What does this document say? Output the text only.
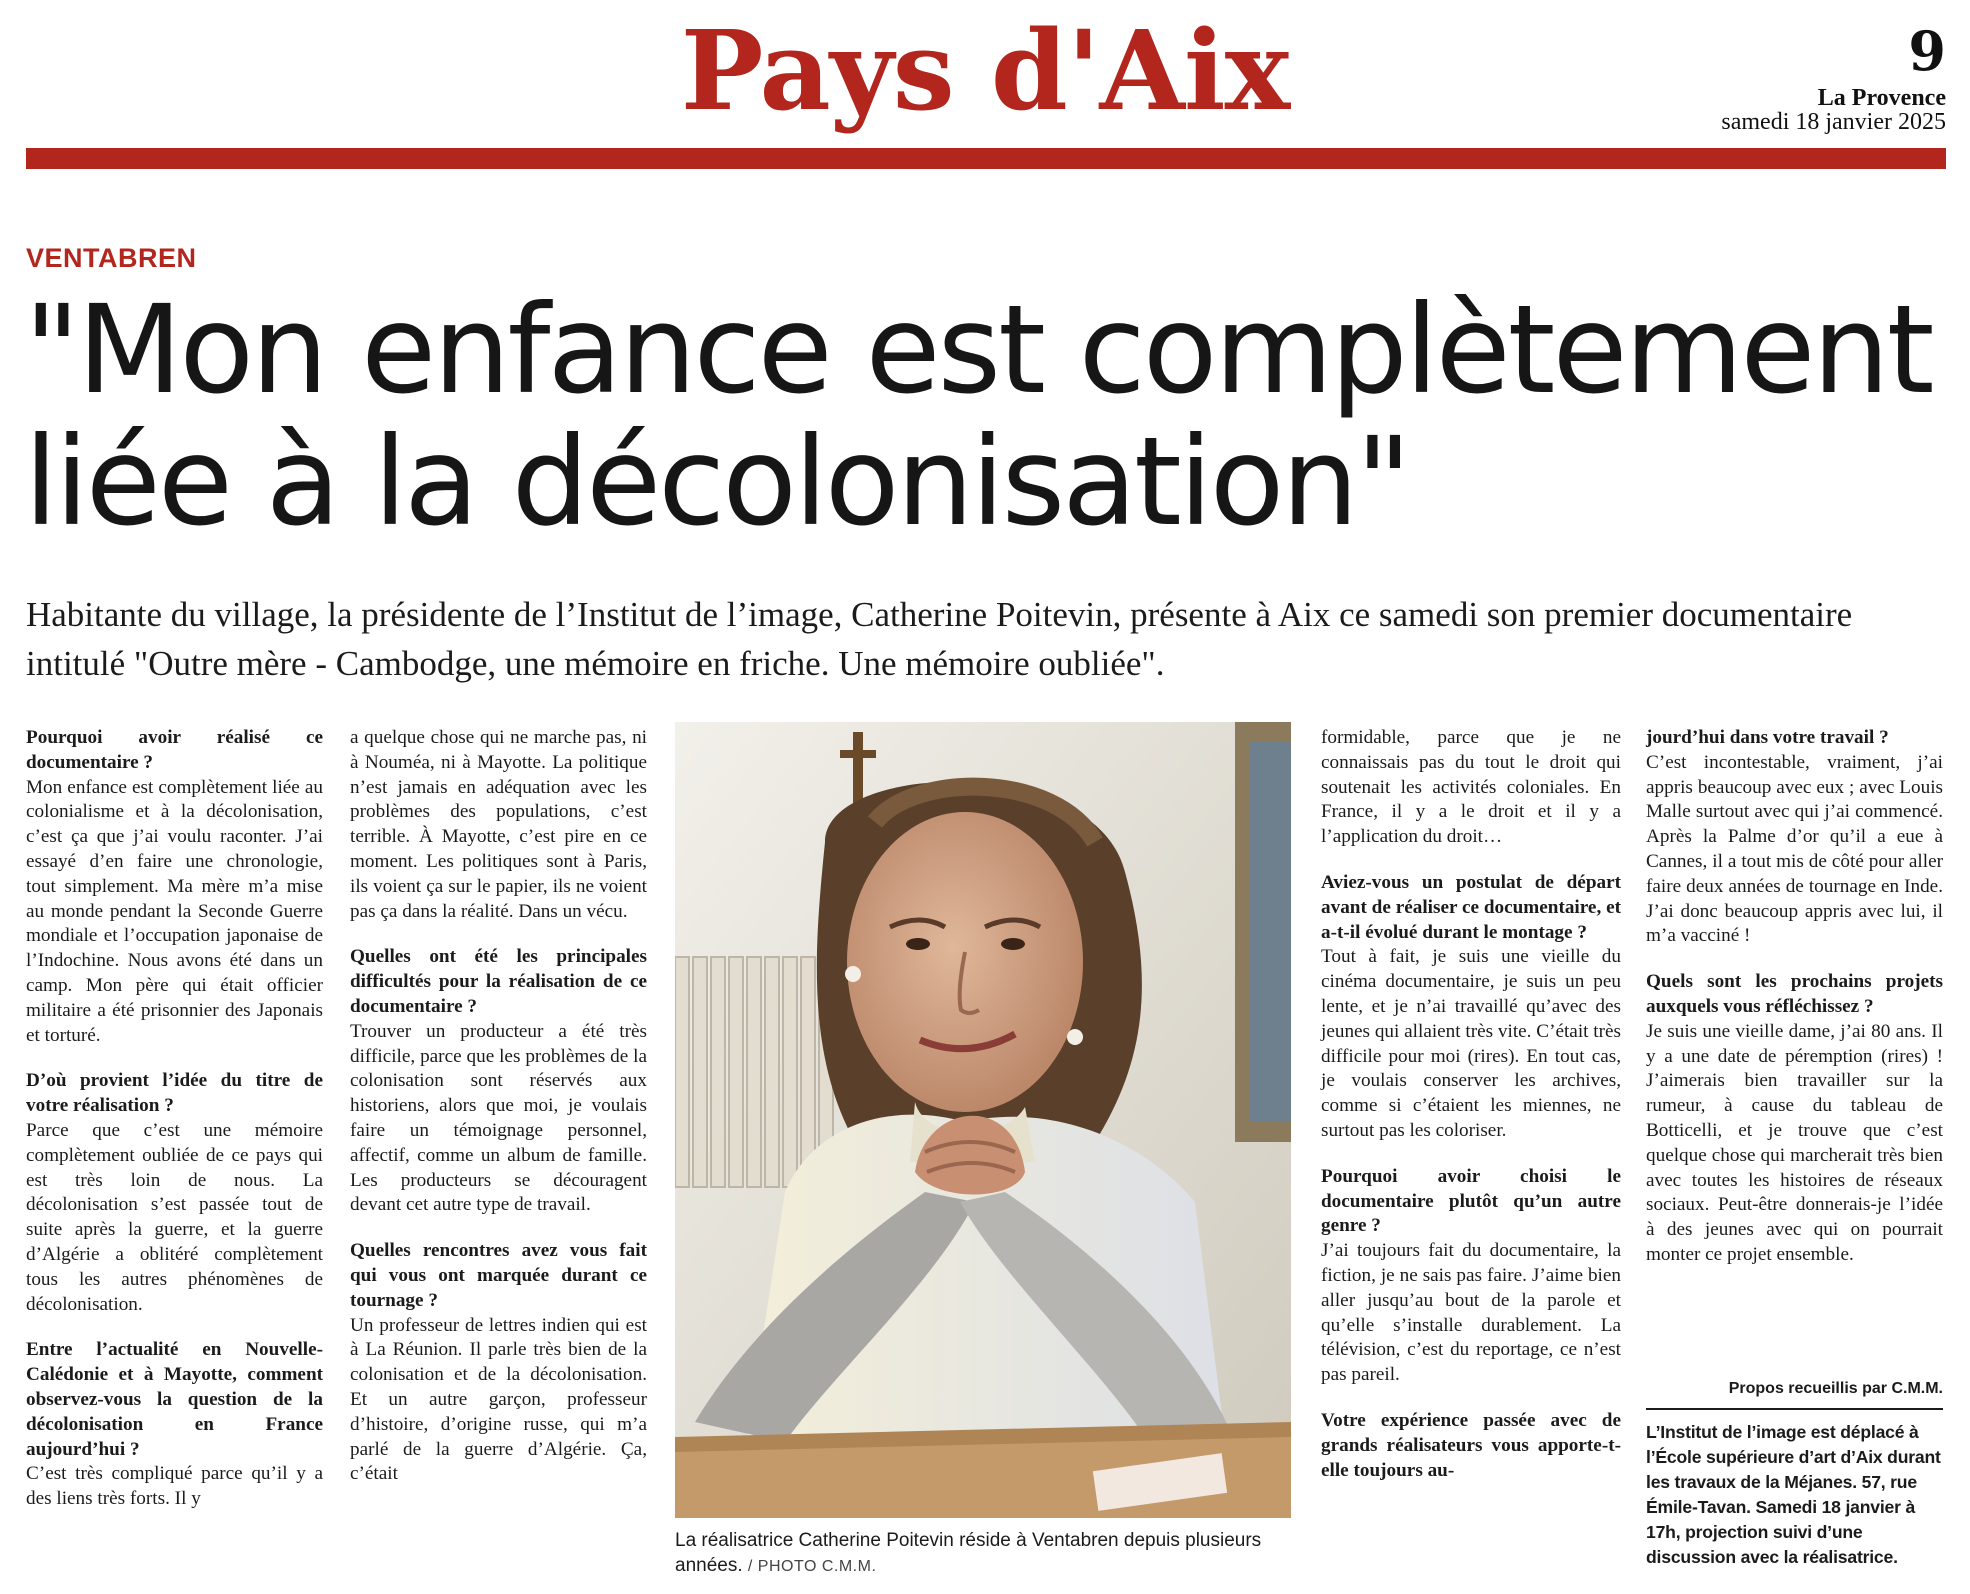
Pays d'Aix	9
La Provence
samedi 18 janvier 2025
VENTABREN
"Mon enfance est complètement liée à la décolonisation"
Habitante du village, la présidente de l’Institut de l’image, Catherine Poitevin, présente à Aix ce samedi son premier documentaire intitulé "Outre mère - Cambodge, une mémoire en friche. Une mémoire oubliée".

Pourquoi avoir réalisé ce documentaire ?

Mon enfance est complètement liée au colonialisme et à la décolonisation, c’est ça que j’ai voulu raconter. J’ai essayé d’en faire une chronologie, tout simplement. Ma mère m’a mise au monde pendant la Seconde Guerre mondiale et l’occupation japonaise de l’Indochine. Nous avons été dans un camp. Mon père qui était officier militaire a été prisonnier des Japonais et torturé.

D’où provient l’idée du titre de votre réalisation ?

Parce que c’est une mémoire complètement oubliée de ce pays qui est très loin de nous. La décolonisation s’est passée tout de suite après la guerre, et la guerre d’Algérie a oblitéré complètement tous les autres phénomènes de décolonisation.

Entre l’actualité en Nouvelle-Calédonie et à Mayotte, comment observez-vous la question de la décolonisation en France aujourd’hui ?

C’est très compliqué parce qu’il y a des liens très forts. Il y

a quelque chose qui ne marche pas, ni à Nouméa, ni à Mayotte. La politique n’est jamais en adéquation avec les problèmes des populations, c’est terrible. À Mayotte, c’est pire en ce moment. Les politiques sont à Paris, ils voient ça sur le papier, ils ne voient pas ça dans la réalité. Dans un vécu.

Quelles ont été les principales difficultés pour la réalisation de ce documentaire ?

Trouver un producteur a été très difficile, parce que les problèmes de la colonisation sont réservés aux historiens, alors que moi, je voulais faire un témoignage personnel, affectif, comme un album de famille. Les producteurs se découragent devant cet autre type de travail.

Quelles rencontres avez vous fait qui vous ont marquée durant ce tournage ?

Un professeur de lettres indien qui est à La Réunion. Il parle très bien de la colonisation et de la décolonisation. Et un autre garçon, professeur d’histoire, d’origine russe, qui m’a parlé de la guerre d’Algérie. Ça, c’était

La réalisatrice Catherine Poitevin réside à Ventabren depuis plusieurs années. / PHOTO C.M.M.

formidable, parce que je ne connaissais pas du tout le droit qui soutenait les activités coloniales. En France, il y a le droit et il y a l’application du droit…

Aviez-vous un postulat de départ avant de réaliser ce documentaire, et a-t-il évolué durant le montage ?

Tout à fait, je suis une vieille du cinéma documentaire, je suis un peu lente, et je n’ai travaillé qu’avec des jeunes qui allaient très vite. C’était très difficile pour moi (rires). En tout cas, je voulais conserver les archives, comme si c’étaient les miennes, ne surtout pas les coloriser.

Pourquoi avoir choisi le documentaire plutôt qu’un autre genre ?

J’ai toujours fait du documentaire, la fiction, je ne sais pas faire. J’aime bien aller jusqu’au bout de la parole et qu’elle s’installe durablement. La télévision, c’est du reportage, ce n’est pas pareil.

Votre expérience passée avec de grands réalisateurs vous apporte-t-elle toujours au-

jourd’hui dans votre travail ?

C’est incontestable, vraiment, j’ai appris beaucoup avec eux ; avec Louis Malle surtout avec qui j’ai commencé. Après la Palme d’or qu’il a eue à Cannes, il a tout mis de côté pour aller faire deux années de tournage en Inde. J’ai donc beaucoup appris avec lui, il m’a vacciné !

Quels sont les prochains projets auxquels vous réfléchissez ?

Je suis une vieille dame, j’ai 80 ans. Il y a une date de péremption (rires) ! J’aimerais bien travailler sur la rumeur, à cause du tableau de Botticelli, et je trouve que c’est quelque chose qui marcherait très bien avec toutes les histoires de réseaux sociaux. Peut-être donnerais-je l’idée à des jeunes avec qui on pourrait monter ce projet ensemble.

Propos recueillis par C.M.M.
L’Institut de l’image est déplacé à l’École supérieure d’art d’Aix durant les travaux de la Méjanes. 57, rue Émile-Tavan. Samedi 18 janvier à 17h, projection suivi d’une discussion avec la réalisatrice.
